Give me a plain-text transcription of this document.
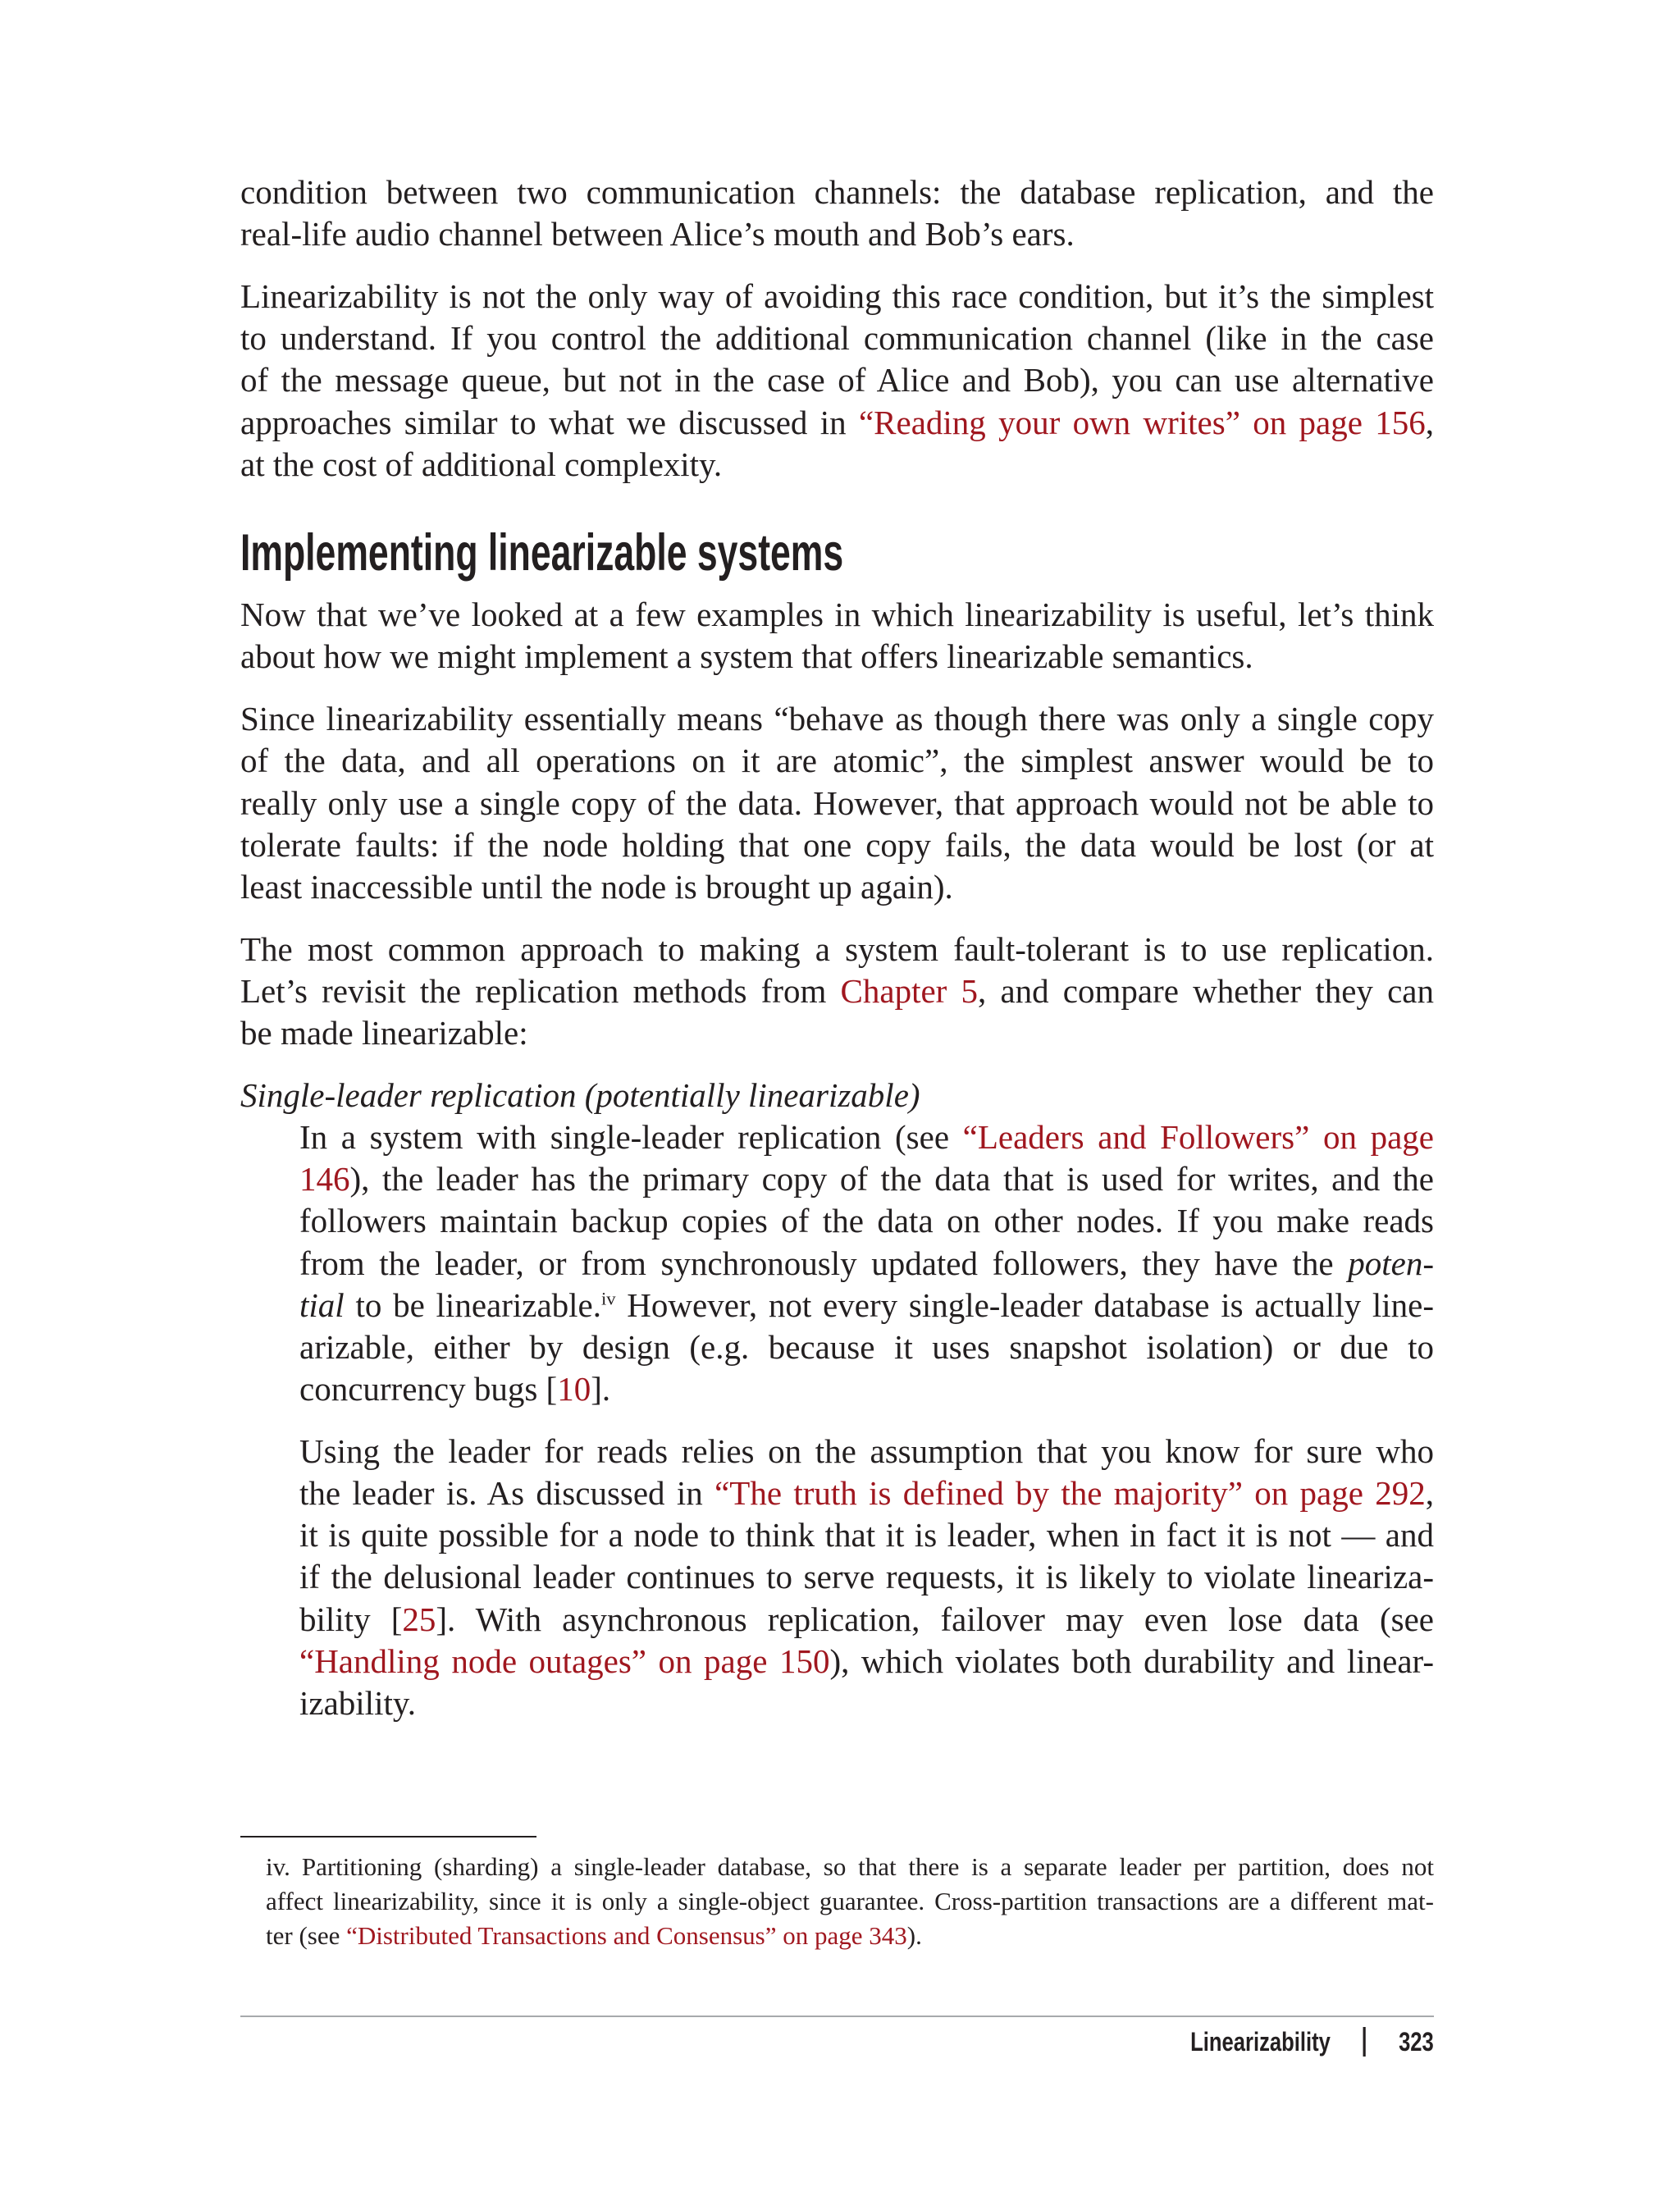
condition between two communication channels: the database replication, and the
real-life audio channel between Alice’s mouth and Bob’s ears.
Linearizability is not the only way of avoiding this race condition, but it’s the simplest
to understand. If you control the additional communication channel (like in the case
of the message queue, but not in the case of Alice and Bob), you can use alternative
approaches similar to what we discussed in “Reading your own writes” on page 156,
at the cost of additional complexity.
Implementing linearizable systems
Now that we’ve looked at a few examples in which linearizability is useful, let’s think
about how we might implement a system that offers linearizable semantics.
Since linearizability essentially means “behave as though there was only a single copy
of the data, and all operations on it are atomic”, the simplest answer would be to
really only use a single copy of the data. However, that approach would not be able to
tolerate faults: if the node holding that one copy fails, the data would be lost (or at
least inaccessible until the node is brought up again).
The most common approach to making a system fault-tolerant is to use replication.
Let’s revisit the replication methods from Chapter 5, and compare whether they can
be made linearizable:
Single-leader replication (potentially linearizable)
In a system with single-leader replication (see “Leaders and Followers” on page
146), the leader has the primary copy of the data that is used for writes, and the
followers maintain backup copies of the data on other nodes. If you make reads
from the leader, or from synchronously updated followers, they have the poten-
tial to be linearizable.$^{iv}$ However, not every single-leader database is actually line-
arizable, either by design (e.g. because it uses snapshot isolation) or due to
concurrency bugs [10].
Using the leader for reads relies on the assumption that you know for sure who
the leader is. As discussed in “The truth is defined by the majority” on page 292,
it is quite possible for a node to think that it is leader, when in fact it is not — and
if the delusional leader continues to serve requests, it is likely to violate lineariza-
bility [25]. With asynchronous replication, failover may even lose data (see
“Handling node outages” on page 150), which violates both durability and linear-
izability.
iv. Partitioning (sharding) a single-leader database, so that there is a separate leader per partition, does not
affect linearizability, since it is only a single-object guarantee. Cross-partition transactions are a different mat-
ter (see “Distributed Transactions and Consensus” on page 343).
Linearizability	323
